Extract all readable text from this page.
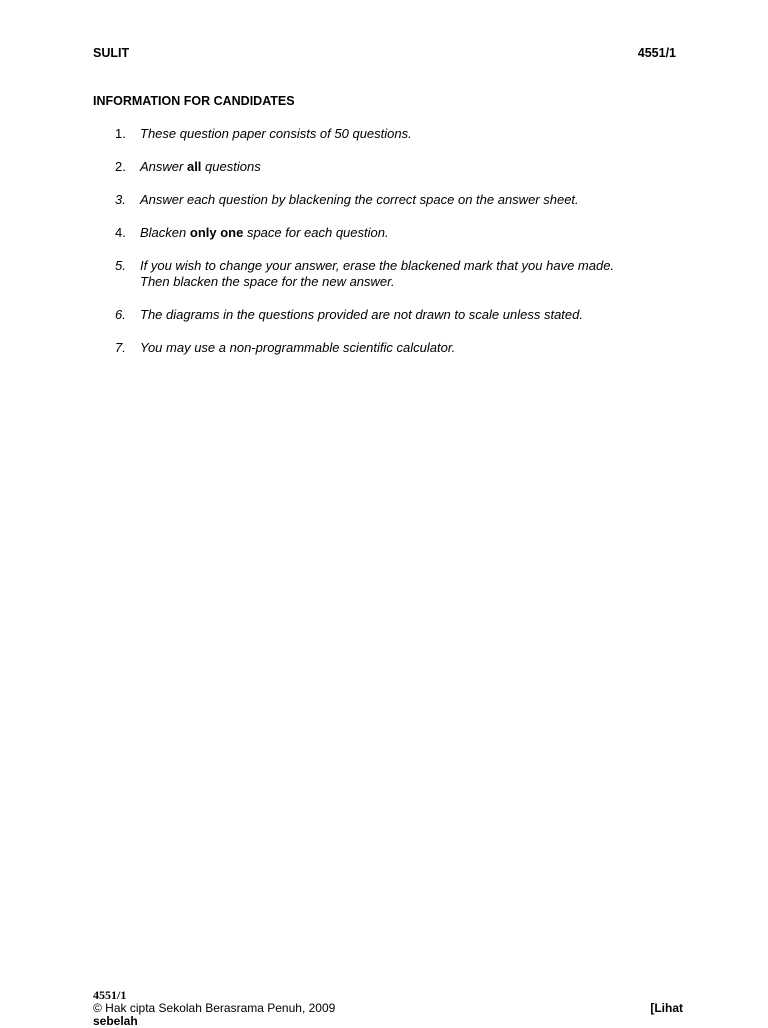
SULIT	4551/1
INFORMATION FOR CANDIDATES
1.	These question paper consists of 50 questions.
2.	Answer all questions
3.	Answer each question by blackening the correct space on the answer sheet.
4.	Blacken only one space for each question.
5.	If you wish to change your answer, erase the blackened mark that you have made.
Then blacken the space for the new answer.
6.	The diagrams in the questions provided are not drawn to scale unless stated.
7.	You may use a non-programmable scientific calculator.
4551/1
© Hak cipta Sekolah Berasrama Penuh, 2009	[Lihat
sebelah
